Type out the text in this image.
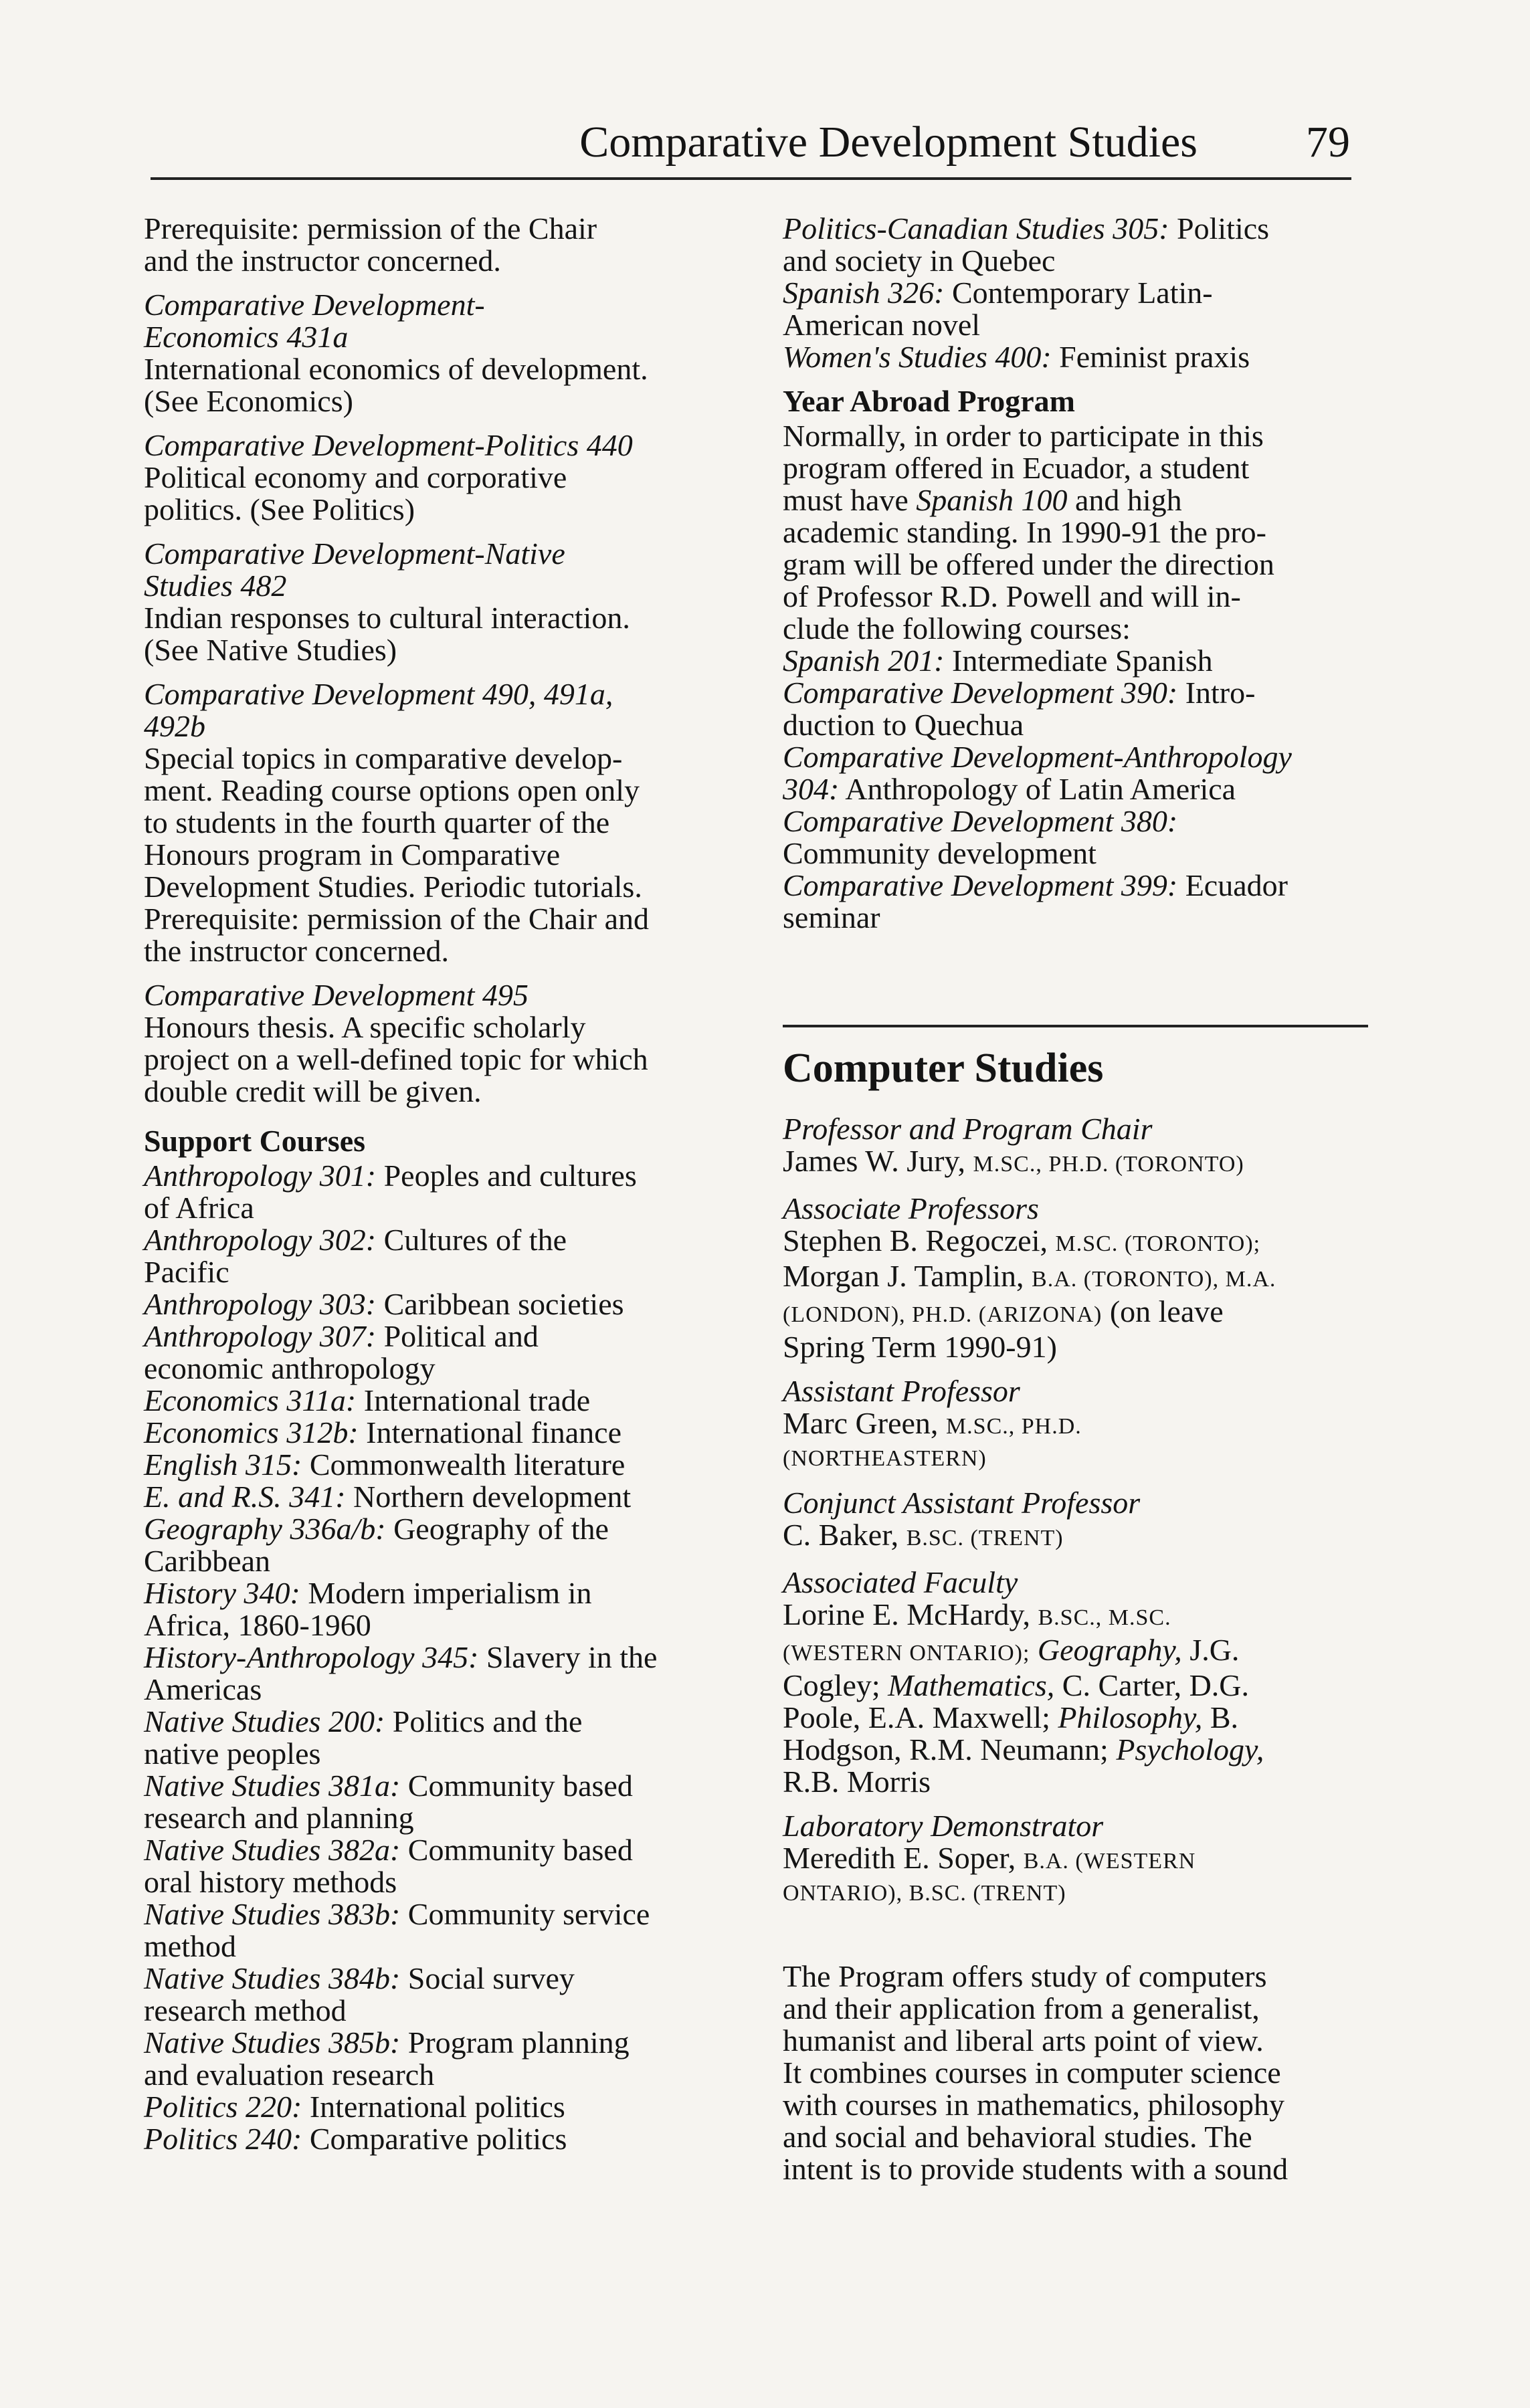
Comparative Development Studies 79
Prerequisite: permission of the Chair
and the instructor concerned.
Comparative Development-
Economics 431a
International economics of development.
(See Economics)
Comparative Development-Politics 440
Political economy and corporative
politics. (See Politics)
Comparative Development-Native
Studies 482
Indian responses to cultural interaction.
(See Native Studies)
Comparative Development 490, 491a,
492b
Special topics in comparative develop-
ment. Reading course options open only
to students in the fourth quarter of the
Honours program in Comparative
Development Studies. Periodic tutorials.
Prerequisite: permission of the Chair and
the instructor concerned.
Comparative Development 495
Honours thesis. A specific scholarly
project on a well-defined topic for which
double credit will be given.
Support Courses
Anthropology 301: Peoples and cultures
of Africa
Anthropology 302: Cultures of the
Pacific
Anthropology 303: Caribbean societies
Anthropology 307: Political and
economic anthropology
Economics 311a: International trade
Economics 312b: International finance
English 315: Commonwealth literature
E. and R.S. 341: Northern development
Geography 336a/b: Geography of the
Caribbean
History 340: Modern imperialism in
Africa, 1860-1960
History-Anthropology 345: Slavery in the
Americas
Native Studies 200: Politics and the
native peoples
Native Studies 381a: Community based
research and planning
Native Studies 382a: Community based
oral history methods
Native Studies 383b: Community service
method
Native Studies 384b: Social survey
research method
Native Studies 385b: Program planning
and evaluation research
Politics 220: International politics
Politics 240: Comparative politics
Politics-Canadian Studies 305: Politics
and society in Quebec
Spanish 326: Contemporary Latin-
American novel
Women's Studies 400: Feminist praxis
Year Abroad Program
Normally, in order to participate in this
program offered in Ecuador, a student
must have Spanish 100 and high
academic standing. In 1990-91 the pro-
gram will be offered under the direction
of Professor R.D. Powell and will in-
clude the following courses:
Spanish 201: Intermediate Spanish
Comparative Development 390: Intro-
duction to Quechua
Comparative Development-Anthropology
304: Anthropology of Latin America
Comparative Development 380:
Community development
Comparative Development 399: Ecuador
seminar
Computer Studies
Professor and Program Chair
James W. Jury, M.SC., PH.D. (TORONTO)
Associate Professors
Stephen B. Regoczei, M.SC. (TORONTO);
Morgan J. Tamplin, B.A. (TORONTO), M.A.
(LONDON), PH.D. (ARIZONA) (on leave
Spring Term 1990-91)
Assistant Professor
Marc Green, M.SC., PH.D.
(NORTHEASTERN)
Conjunct Assistant Professor
C. Baker, B.SC. (TRENT)
Associated Faculty
Lorine E. McHardy, B.SC., M.SC.
(WESTERN ONTARIO); Geography, J.G.
Cogley; Mathematics, C. Carter, D.G.
Poole, E.A. Maxwell; Philosophy, B.
Hodgson, R.M. Neumann; Psychology,
R.B. Morris
Laboratory Demonstrator
Meredith E. Soper, B.A. (WESTERN
ONTARIO), B.SC. (TRENT)
The Program offers study of computers
and their application from a generalist,
humanist and liberal arts point of view.
It combines courses in computer science
with courses in mathematics, philosophy
and social and behavioral studies. The
intent is to provide students with a sound
